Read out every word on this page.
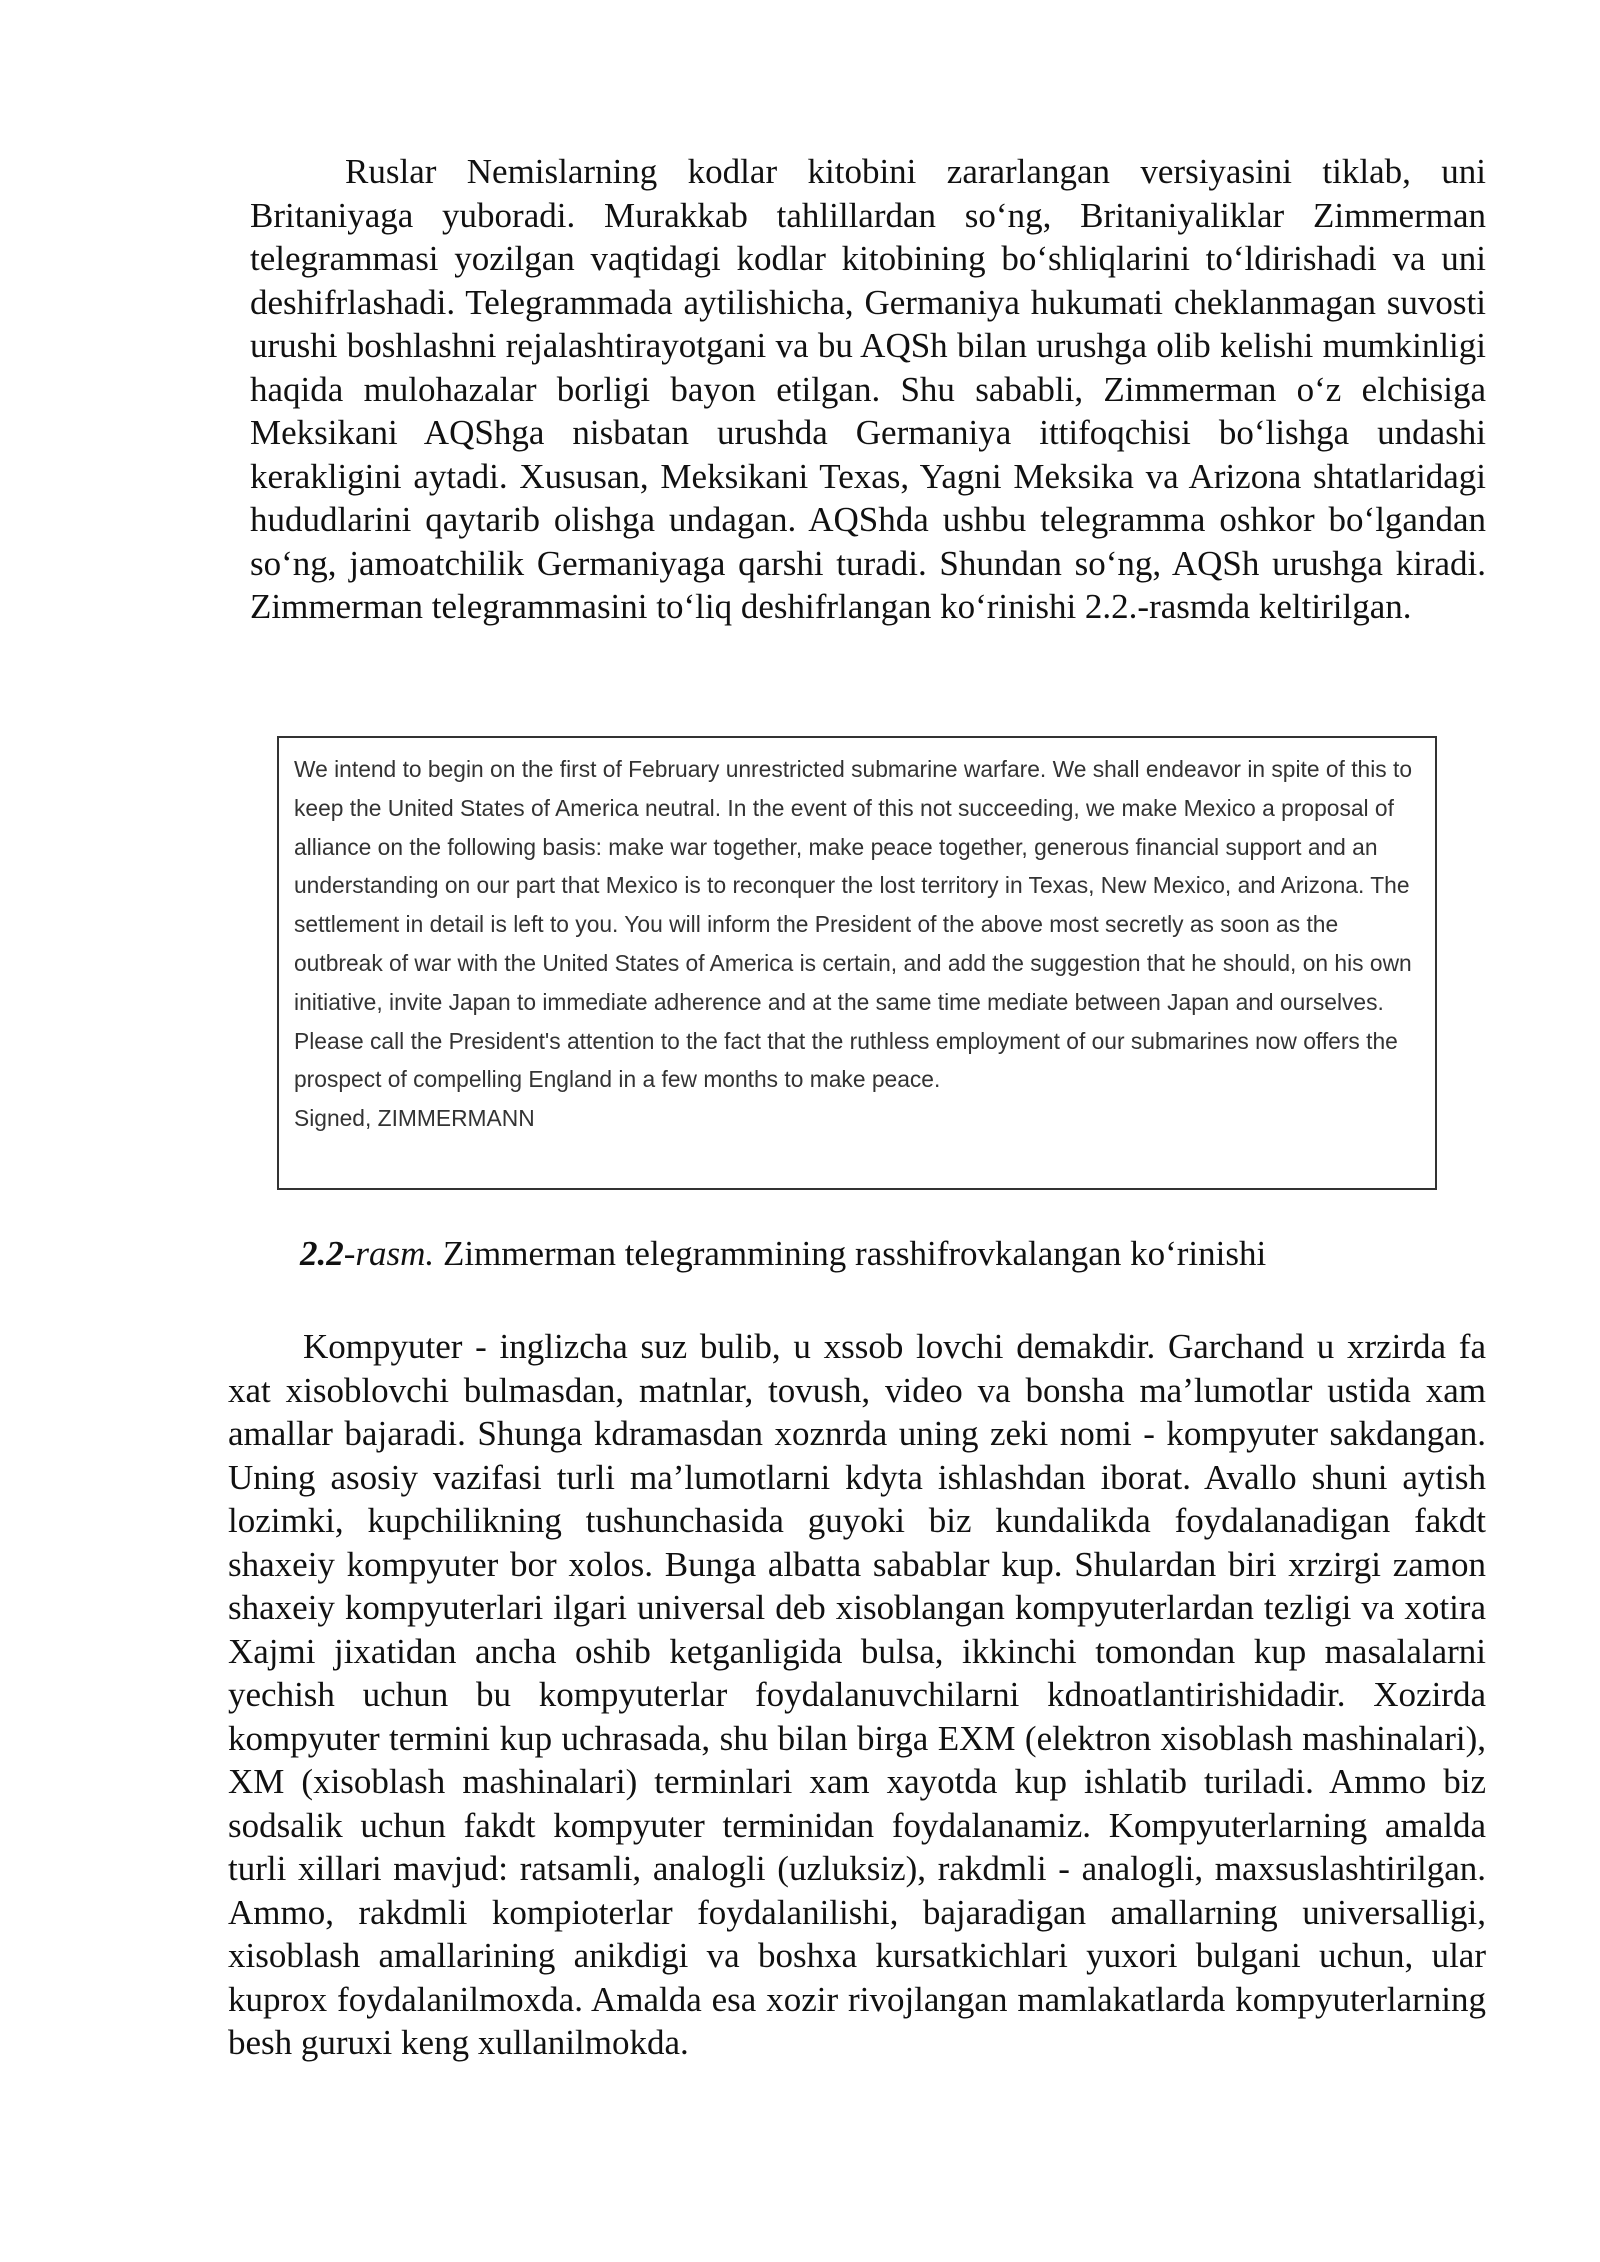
Ruslar Nemislarning kodlar kitobini zararlangan versiyasini tiklab, uni Britaniyaga yuboradi. Murakkab tahlillardan so‘ng, Britaniyaliklar Zimmerman telegrammasi yozilgan vaqtidagi kodlar kitobining bo‘shliqlarini to‘ldirishadi va uni deshifrlashadi. Telegrammada aytilishicha, Germaniya hukumati cheklanmagan suvosti urushi boshlashni rejalashtirayotgani va bu AQSh bilan urushga olib kelishi mumkinligi haqida mulohazalar borligi bayon etilgan. Shu sababli, Zimmerman o‘z elchisiga Meksikani AQShga nisbatan urushda Germaniya ittifoqchisi bo‘lishga undashi kerakligini aytadi. Xususan, Meksikani Texas, Yagni Meksika va Arizona shtatlaridagi hududlarini qaytarib olishga undagan. AQShda ushbu telegramma oshkor bo‘lgandan so‘ng, jamoatchilik Germaniyaga qarshi turadi. Shundan so‘ng, AQSh urushga kiradi. Zimmerman telegrammasini to‘liq deshifrlangan ko‘rinishi 2.2.-rasmda keltirilgan.

We intend to begin on the first of February unrestricted submarine warfare. We shall endeavor in spite of this to keep the United States of America neutral. In the event of this not succeeding, we make Mexico a proposal of alliance on the following basis: make war together, make peace together, generous financial support and an understanding on our part that Mexico is to reconquer the lost territory in Texas, New Mexico, and Arizona. The settlement in detail is left to you. You will inform the President of the above most secretly as soon as the outbreak of war with the United States of America is certain, and add the suggestion that he should, on his own initiative, invite Japan to immediate adherence and at the same time mediate between Japan and ourselves. Please call the President's attention to the fact that the ruthless employment of our submarines now offers the prospect of compelling England in a few months to make peace.

Signed, ZIMMERMANN

2.2-rasm. Zimmerman telegrammining rasshifrovkalangan ko‘rinishi

Kompyuter - inglizcha suz bulib, u xssob lovchi demakdir. Garchand u xrzirda fa xat xisoblovchi bulmasdan, matnlar, tovush, video va bonsha ma’lumotlar ustida xam amallar bajaradi. Shunga kdramasdan xoznrda uning zeki nomi - kompyuter sakdangan. Uning asosiy vazifasi turli ma’lumotlarni kdyta ishlashdan iborat. Avallo shuni aytish lozimki, kupchilikning tushunchasida guyoki biz kundalikda foydalanadigan fakdt shaxeiy kompyuter bor xolos. Bunga albatta sabablar kup. Shulardan biri xrzirgi zamon shaxeiy kompyuterlari ilgari universal deb xisoblangan kompyuterlardan tezligi va xotira Xajmi jixatidan ancha oshib ketganligida bulsa, ikkinchi tomondan kup masalalarni yechish uchun bu kompyuterlar foydalanuvchilarni kdnoatlantirishidadir. Xozirda kompyuter termini kup uchrasada, shu bilan birga EXM (elektron xisoblash mashinalari), XM (xisoblash mashinalari) terminlari xam xayotda kup ishlatib turiladi. Ammo biz sodsalik uchun fakdt kompyuter terminidan foydalanamiz. Kompyuterlarning amalda turli xillari mavjud: ratsamli, analogli (uzluksiz), rakdmli - analogli, maxsuslashtirilgan. Ammo, rakdmli kompioterlar foydalanilishi, bajaradigan amallarning universalligi, xisoblash amallarining anikdigi va boshxa kursatkichlari yuxori bulgani uchun, ular kuprox foydalanilmoxda. Amalda esa xozir rivojlangan mamlakatlarda kompyuterlarning besh guruxi keng xullanilmokda.
